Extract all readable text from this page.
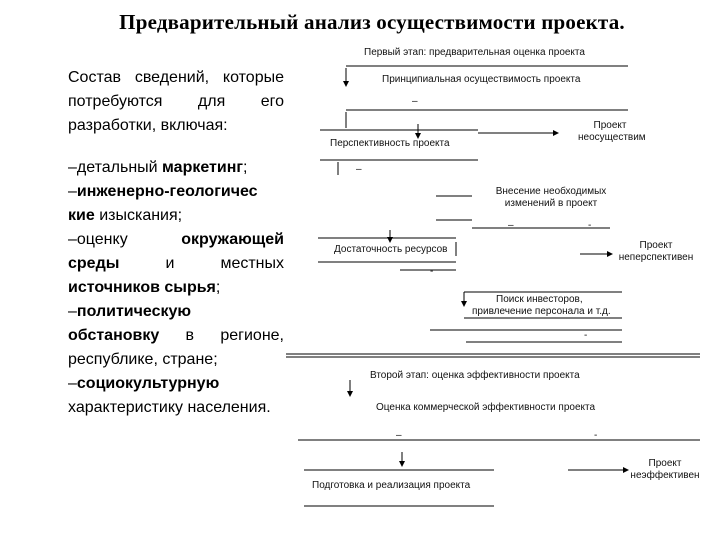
Предварительный анализ осуществимости проекта.

Состав сведений, которые потребуются для его разработки, включая:

–детальный маркетинг;
–инженерно-геологичес кие изыскания;
–оценку окружающей среды и местных источников сырья;
–политическую обстановку в регионе, республике, стране;
–социокультурную характеристику населения.
Первый этап: предварительная оценка проекта
Принципиальная осуществимость проекта
–
Перспективность проекта
–
Проект
неосуществим
Внесение необходимых
изменений в проект
–	-
Достаточность ресурсов
-
Проект
неперспективен
Поиск инвесторов,
привлечение персонала и т.д.
-
Второй этап: оценка эффективности проекта
Оценка коммерческой эффективности проекта
–	-
Подготовка и реализация проекта
Проект
неэффективен
